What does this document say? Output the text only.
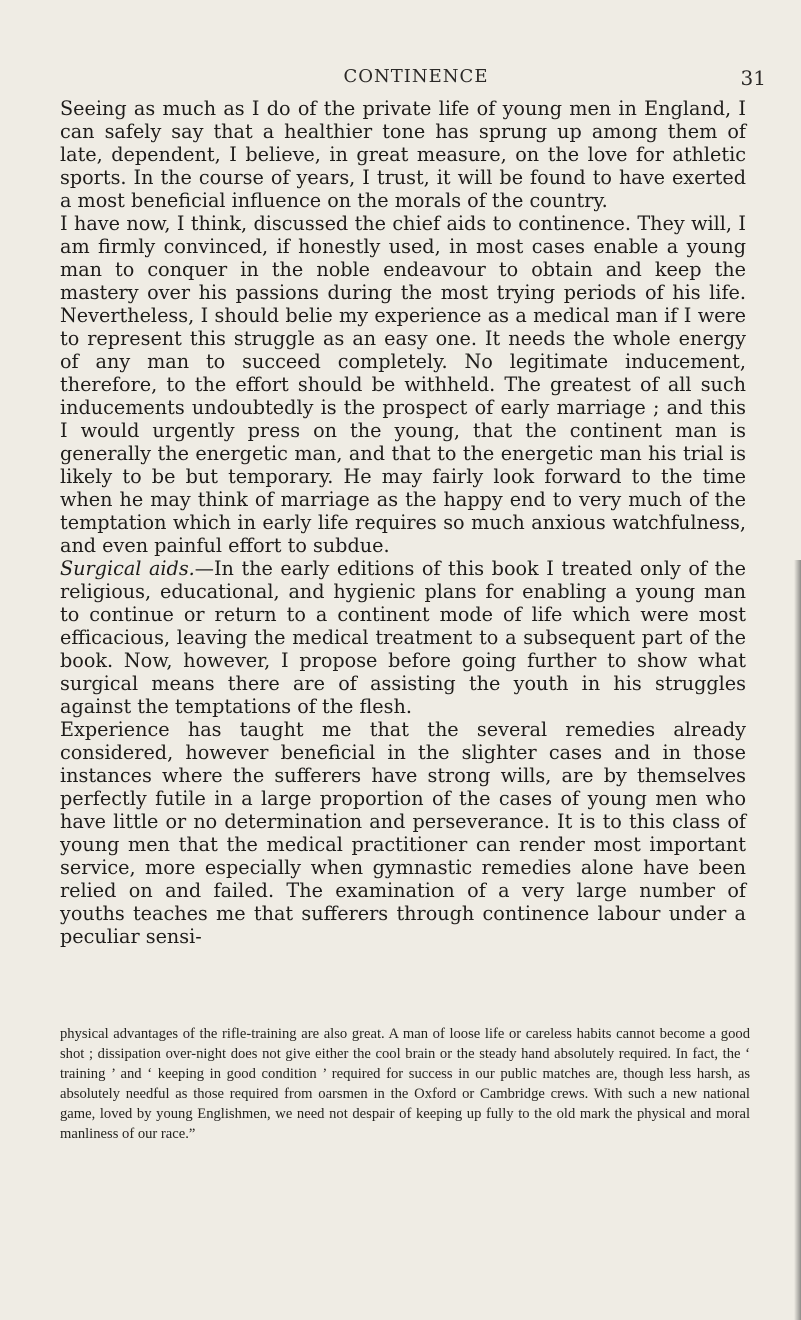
CONTINENCE	31

Seeing as much as I do of the private life of young men in England, I can safely say that a healthier tone has sprung up among them of late, dependent, I believe, in great measure, on the love for athletic sports. In the course of years, I trust, it will be found to have exerted a most beneficial influence on the morals of the country.

I have now, I think, discussed the chief aids to continence. They will, I am firmly convinced, if honestly used, in most cases enable a young man to conquer in the noble endeavour to obtain and keep the mastery over his passions during the most trying periods of his life. Nevertheless, I should belie my experience as a medical man if I were to represent this struggle as an easy one. It needs the whole energy of any man to succeed completely. No legitimate inducement, therefore, to the effort should be withheld. The greatest of all such inducements undoubtedly is the prospect of early marriage ; and this I would urgently press on the young, that the continent man is generally the energetic man, and that to the energetic man his trial is likely to be but temporary. He may fairly look forward to the time when he may think of marriage as the happy end to very much of the temptation which in early life requires so much anxious watchfulness, and even painful effort to subdue.

Surgical aids.—In the early editions of this book I treated only of the religious, educational, and hygienic plans for enabling a young man to continue or return to a continent mode of life which were most efficacious, leaving the medical treatment to a subsequent part of the book. Now, however, I propose before going further to show what surgical means there are of assisting the youth in his struggles against the temptations of the flesh.

Experience has taught me that the several remedies already considered, however beneficial in the slighter cases and in those instances where the sufferers have strong wills, are by themselves perfectly futile in a large proportion of the cases of young men who have little or no determination and perseverance. It is to this class of young men that the medical practitioner can render most important service, more especially when gymnastic remedies alone have been relied on and failed. The examination of a very large number of youths teaches me that sufferers through continence labour under a peculiar sensi-

physical advantages of the rifle-training are also great. A man of loose life or careless habits cannot become a good shot ; dissipation over-night does not give either the cool brain or the steady hand absolutely required. In fact, the ‘ training ’ and ‘ keeping in good condition ’ required for success in our public matches are, though less harsh, as absolutely needful as those required from oarsmen in the Oxford or Cambridge crews. With such a new national game, loved by young Englishmen, we need not despair of keeping up fully to the old mark the physical and moral manliness of our race.”
